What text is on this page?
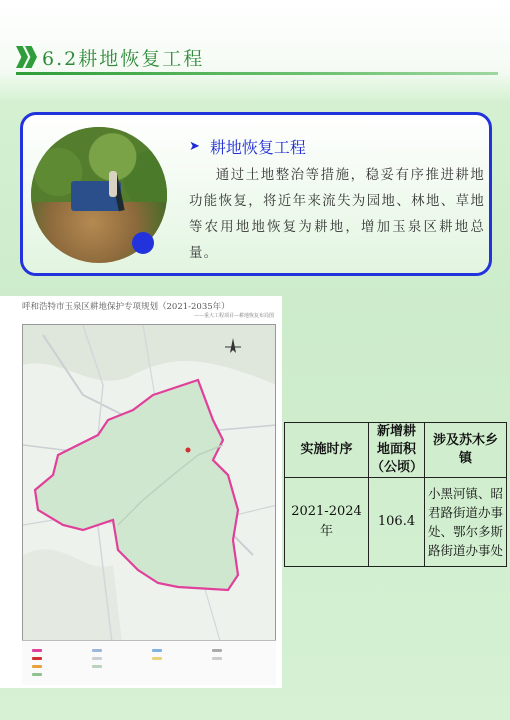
6.2耕地恢复工程
➤ 耕地恢复工程
通过土地整治等措施，稳妥有序推进耕地功能恢复，将近年来流失为园地、林地、草地等农用地地恢复为耕地，增加玉泉区耕地总量。
呼和浩特市玉泉区耕地保护专项规划（2021-2035年）
——重大工程项目—耕地恢复布局图
实施时序	新增耕地面积（公顷）	涉及苏木乡镇
2021-2024年	106.4	小黑河镇、昭君路街道办事处、鄂尔多斯路街道办事处
